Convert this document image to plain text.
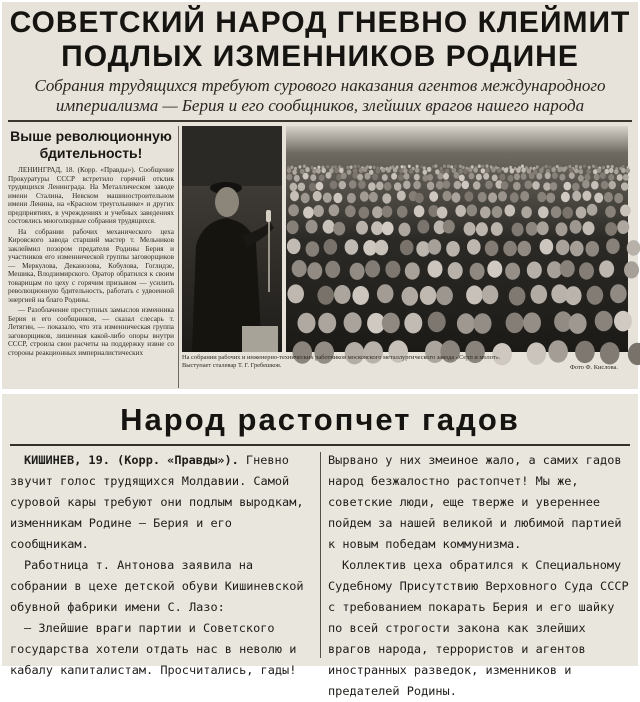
СОВЕТСКИЙ НАРОД ГНЕВНО КЛЕЙМИТ
ПОДЛЫХ ИЗМЕННИКОВ РОДИНЕ
Собрания трудящихся требуют сурового наказания агентов международного
империализма — Берия и его сообщников, злейших врагов нашего народа
Выше революционную бдительность!

ЛЕНИНГРАД, 18. (Корр. «Правды»). Сообщение Прокуратуры СССР встретило горячий отклик трудящихся Ленинграда. На Металлическом заводе имени Сталина, Невском машиностроительном имени Ленина, на «Красном треугольнике» и других предприятиях, в учреждениях и учебных заведениях состоялись многолюдные собрания трудящихся.

На собрании рабочих механического цеха Кировского завода старший мастер т. Мельников заклеймил позором предателя Родины Берия и участников его изменнической группы заговорщиков — Меркулова, Деканозова, Кобулова, Гоглидзе, Мешика, Влодзимирского. Оратор обратился к своим товарищам по цеху с горячим призывом — усилить революционную бдительность, работать с удвоенной энергией на благо Родины.

— Разоблачение преступных замыслов изменника Берия и его сообщников, — сказал слесарь т. Летягин, — показало, что эта изменническая группа заговорщиков, лишенная какой-либо опоры внутри СССР, строила свои расчеты на поддержку извне со стороны реакционных империалистических

На собрании рабочих и инженерно-технических работников московского металлургического завода «Серп и молот».
Выступает сталевар Т. Г. Гребешков.	Фото Ф. Кислова.
Народ растопчет гадов

КИШИНЕВ, 19. (Корр. «Правды»). Гневно звучит голос трудящихся Молдавии. Самой суровой кары требуют они подлым выродкам, изменникам Родине — Берия и его сообщникам.

Работница т. Антонова заявила на собрании в цехе детской обуви Кишиневской обувной фабрики имени С. Лазо:

— Злейшие враги партии и Советского государства хотели отдать нас в неволю и кабалу капиталистам. Просчитались, гады!

Вырвано у них змеиное жало, а самих гадов народ безжалостно растопчет! Мы же, советские люди, еще тверже и увереннее пойдем за нашей великой и любимой партией к новым победам коммунизма.

Коллектив цеха обратился к Специальному Судебному Присутствию Верховного Суда СССР с требованием покарать Берия и его шайку по всей строгости закона как злейших врагов народа, террористов и агентов иностранных разведок, изменников и предателей Родины.
